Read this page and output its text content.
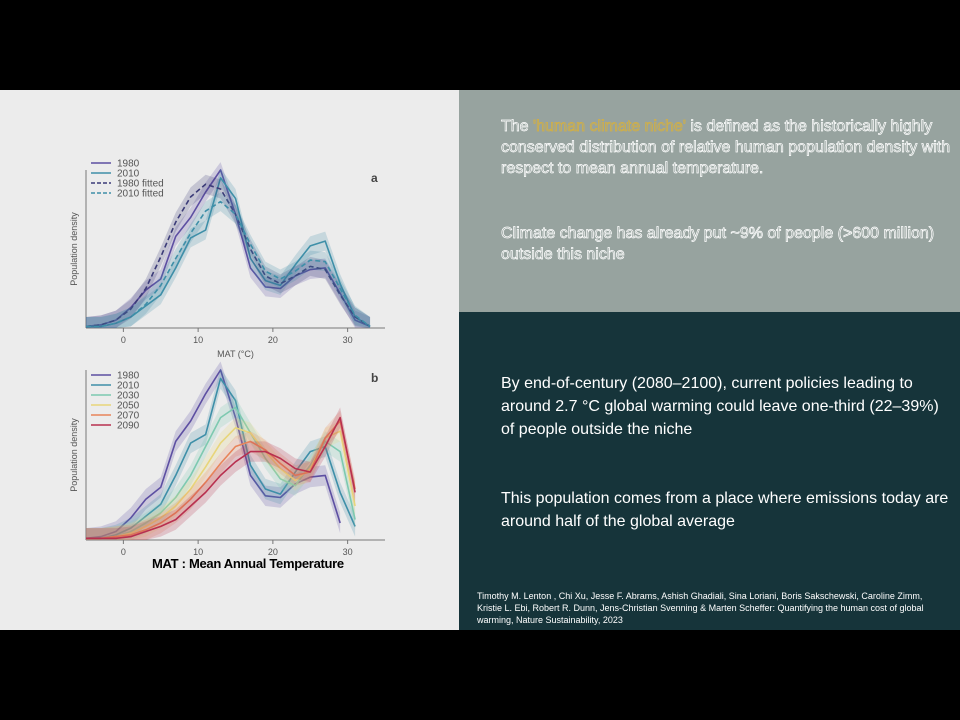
0	10	20	30
a
Population density
MAT (°C)
1980
2010
1980 fitted
2010 fitted
0	10	20	30
b
Population density
1980
2010
2030
2050
2070
2090
MAT : Mean Annual Temperature
The 'human climate niche' is defined as the historically highly conserved distribution of relative human population density with respect to mean annual temperature.
Climate change has already put ~9% of people (>600 million) outside this niche
By end-of-century (2080–2100), current policies leading to around 2.7 °C global warming could leave one-third (22–39%) of people outside the niche
This population comes from a place where emissions today are around half of the global average
Timothy M. Lenton , Chi Xu, Jesse F. Abrams, Ashish Ghadiali, Sina Loriani, Boris Sakschewski, Caroline Zimm, Kristie L. Ebi, Robert R. Dunn, Jens-Christian Svenning & Marten Scheffer: Quantifying the human cost of global warming, Nature Sustainability, 2023
